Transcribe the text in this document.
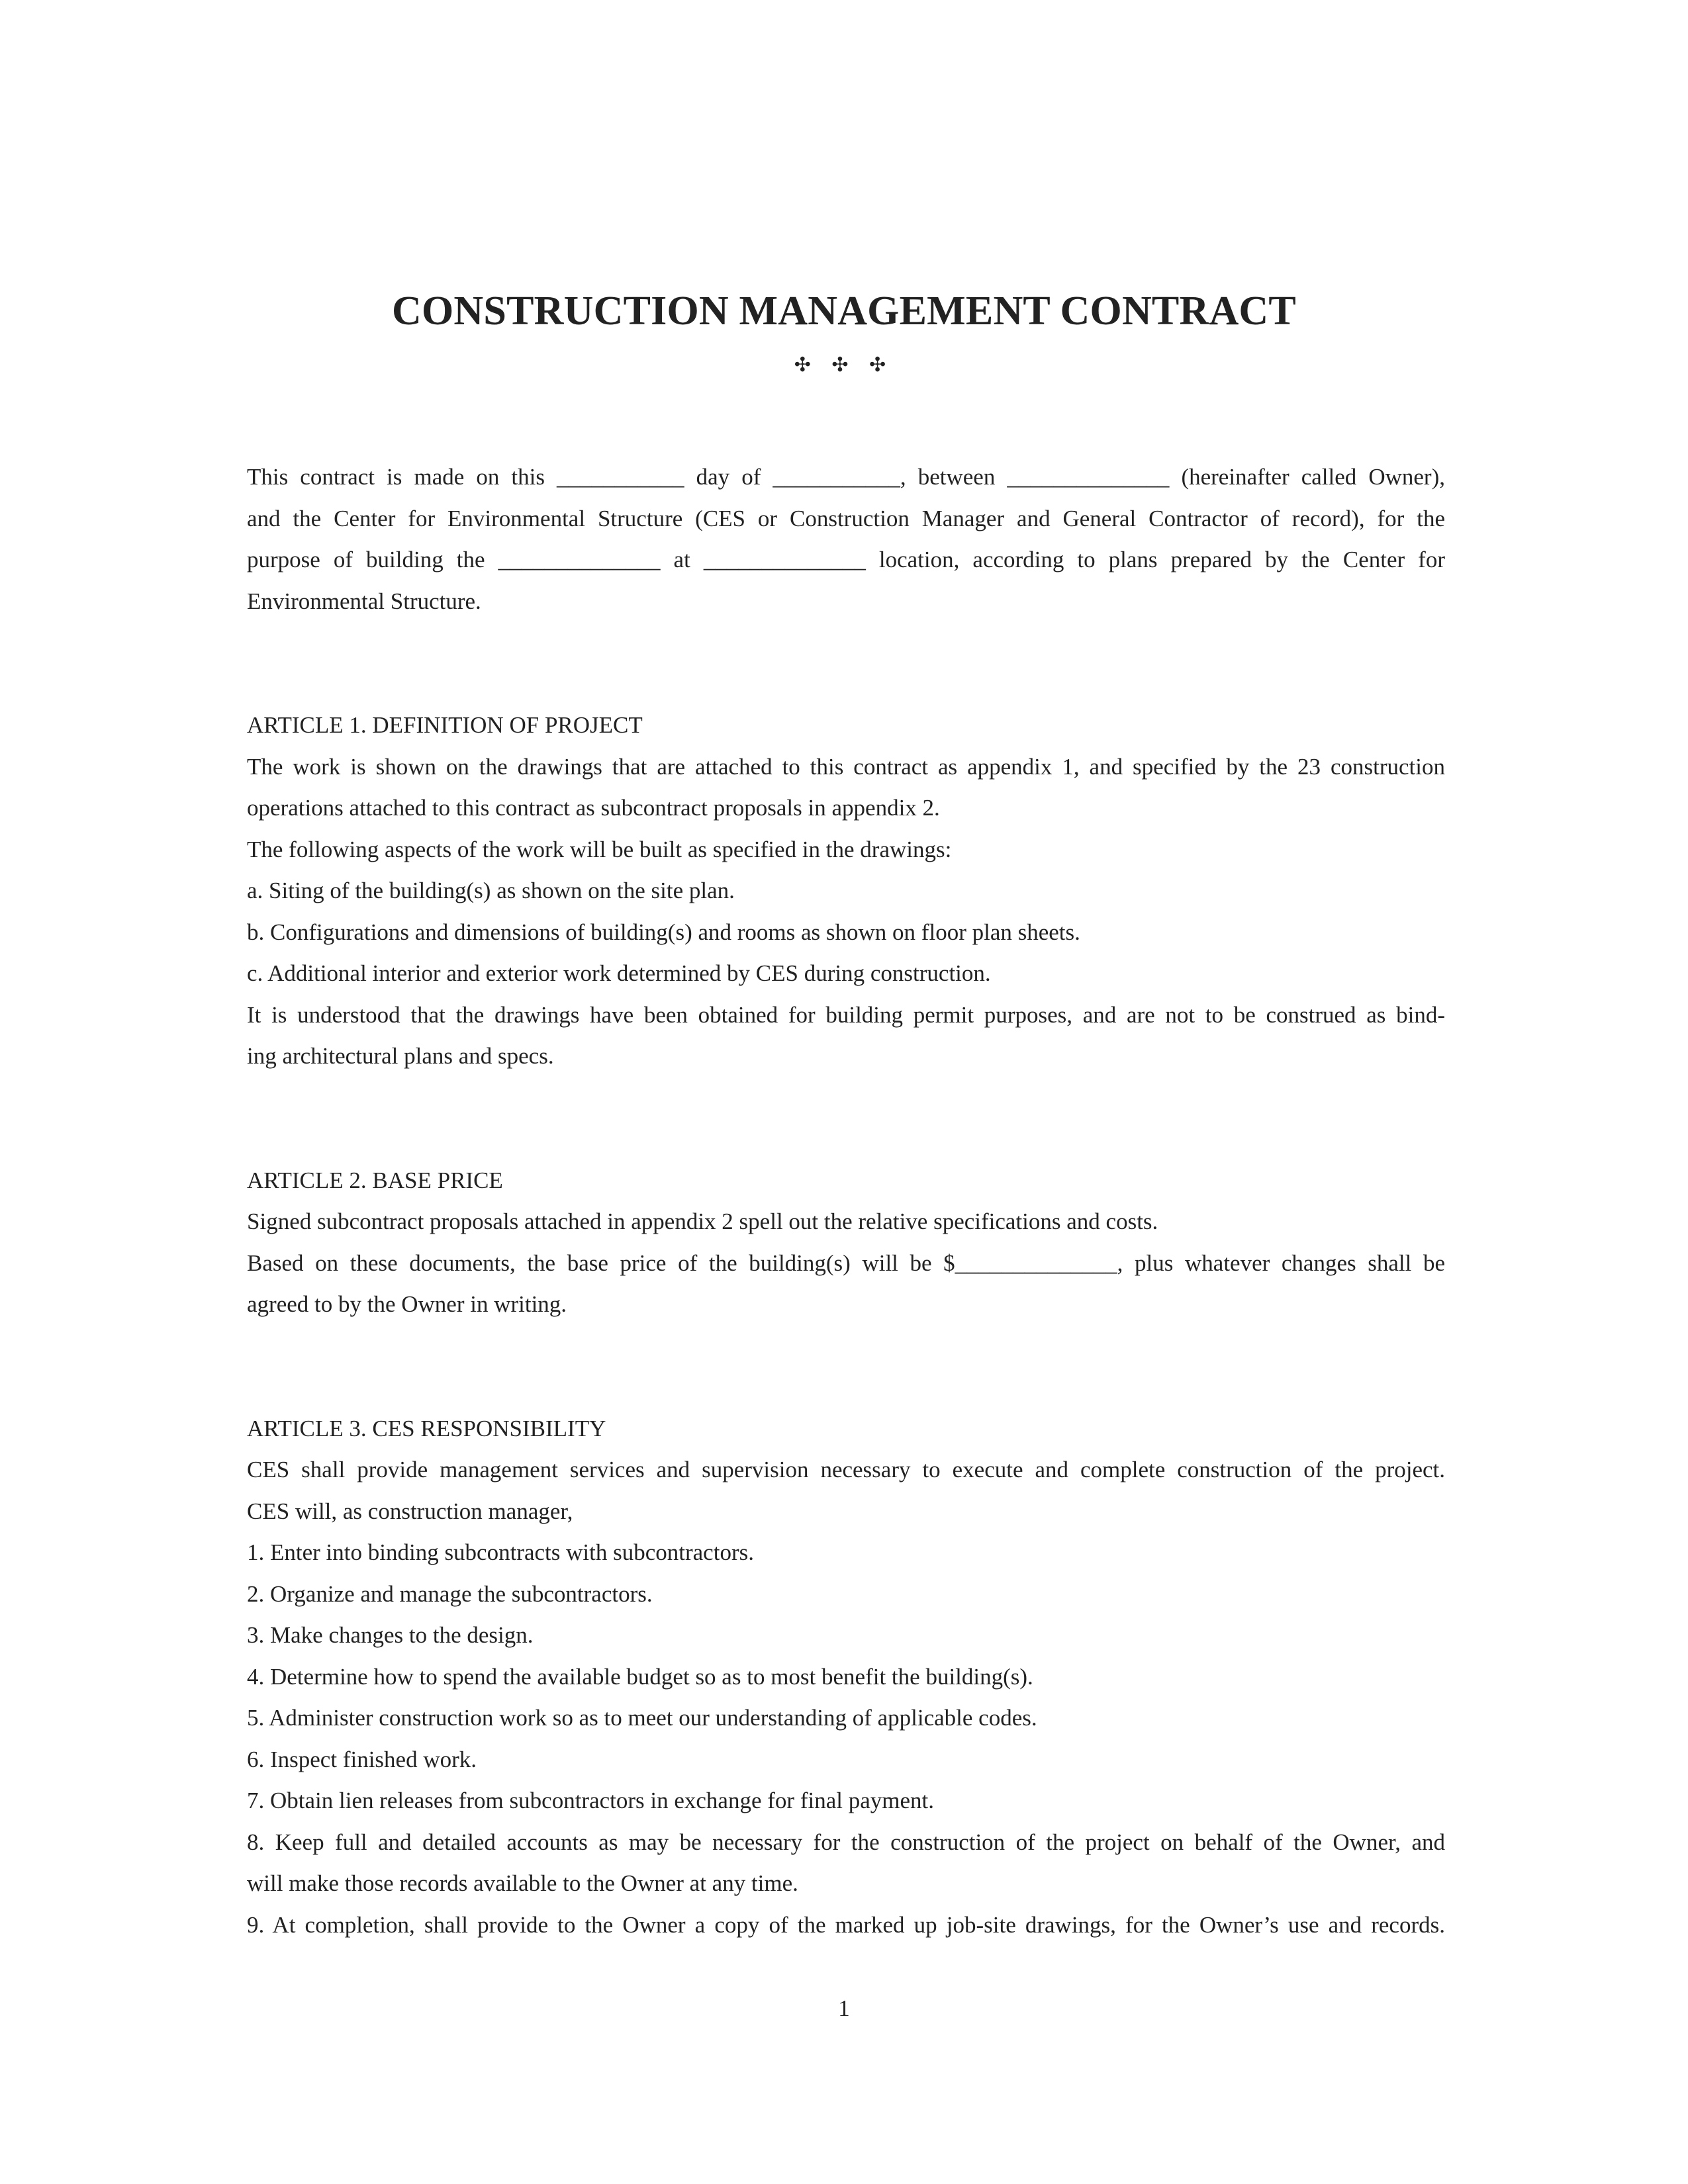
CONSTRUCTION MANAGEMENT CONTRACT
✣ ✣ ✣
This contract is made on this ___________ day of ___________, between ______________ (hereinafter called Owner),
and the Center for Environmental Structure (CES or Construction Manager and General Contractor of record), for the
purpose of building the ______________ at ______________ location, according to plans prepared by the Center for
Environmental Structure.
ARTICLE 1. DEFINITION OF PROJECT
The work is shown on the drawings that are attached to this contract as appendix 1, and specified by the 23 construction
operations attached to this contract as subcontract proposals in appendix 2.
The following aspects of the work will be built as specified in the drawings:
a. Siting of the building(s) as shown on the site plan.
b. Configurations and dimensions of building(s) and rooms as shown on floor plan sheets.
c. Additional interior and exterior work determined by CES during construction.
It is understood that the drawings have been obtained for building permit purposes, and are not to be construed as bind-
ing architectural plans and specs.
ARTICLE 2. BASE PRICE
Signed subcontract proposals attached in appendix 2 spell out the relative specifications and costs.
Based on these documents, the base price of the building(s) will be $______________, plus whatever changes shall be
agreed to by the Owner in writing.
ARTICLE 3. CES RESPONSIBILITY
CES shall provide management services and supervision necessary to execute and complete construction of the project.
CES will, as construction manager,
1. Enter into binding subcontracts with subcontractors.
2. Organize and manage the subcontractors.
3. Make changes to the design.
4. Determine how to spend the available budget so as to most benefit the building(s).
5. Administer construction work so as to meet our understanding of applicable codes.
6. Inspect finished work.
7. Obtain lien releases from subcontractors in exchange for final payment.
8. Keep full and detailed accounts as may be necessary for the construction of the project on behalf of the Owner, and
will make those records available to the Owner at any time.
9. At completion, shall provide to the Owner a copy of the marked up job-site drawings, for the Owner’s use and records.
1
